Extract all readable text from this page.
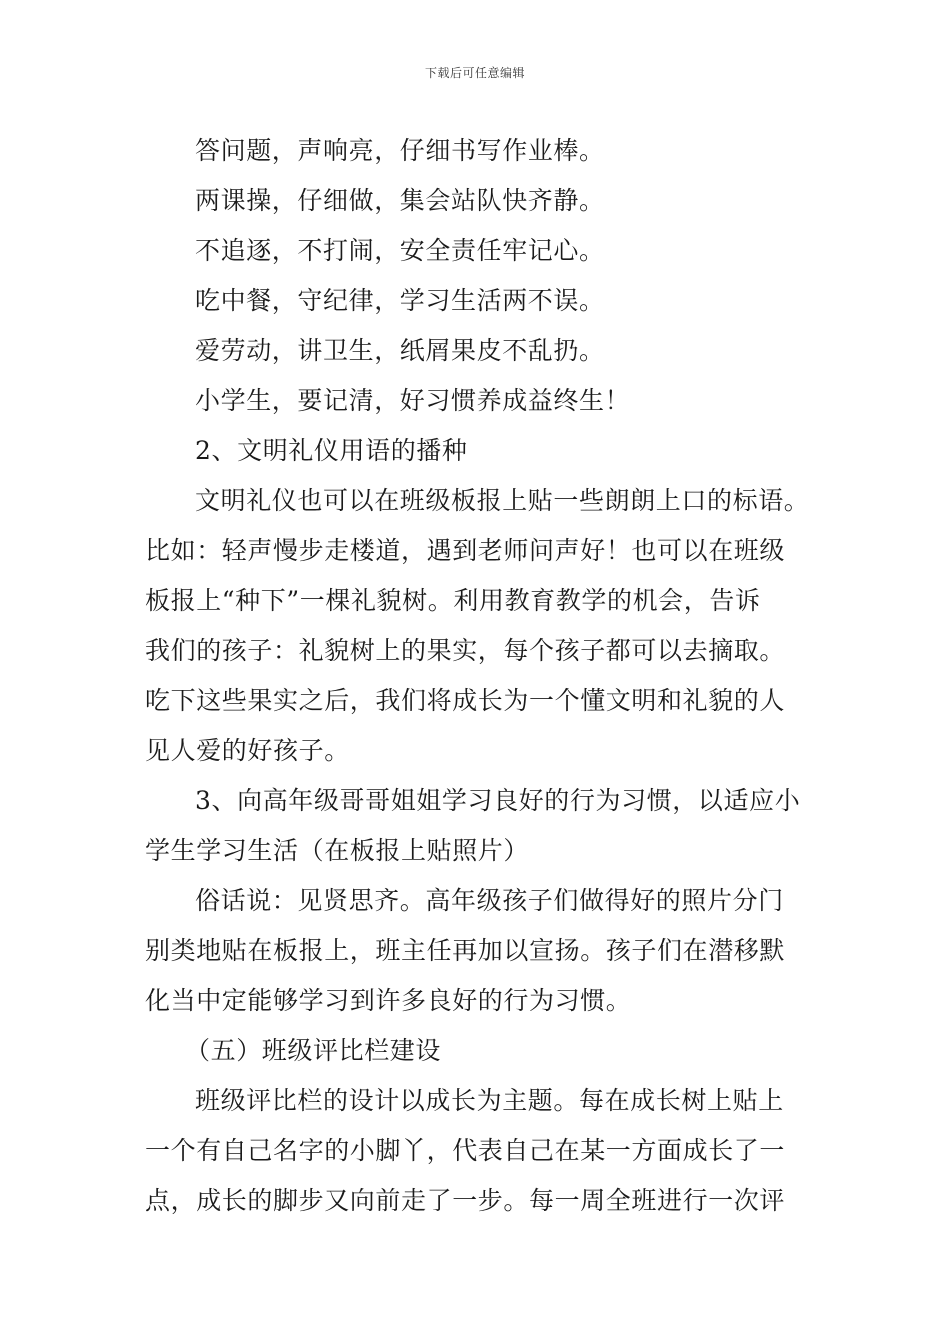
下载后可任意编辑
答问题，声响亮，仔细书写作业棒。
两课操，仔细做，集会站队快齐静。
不追逐，不打闹，安全责任牢记心。
吃中餐，守纪律，学习生活两不误。
爱劳动，讲卫生，纸屑果皮不乱扔。
小学生，要记清，好习惯养成益终生！
2、文明礼仪用语的播种
文明礼仪也可以在班级板报上贴一些朗朗上口的标语。
比如：轻声慢步走楼道，遇到老师问声好！也可以在班级
板报上“种下”一棵礼貌树。利用教育教学的机会，告诉
我们的孩子：礼貌树上的果实，每个孩子都可以去摘取。
吃下这些果实之后，我们将成长为一个懂文明和礼貌的人
见人爱的好孩子。
3、向高年级哥哥姐姐学习良好的行为习惯，以适应小
学生学习生活（在板报上贴照片）
俗话说：见贤思齐。高年级孩子们做得好的照片分门
别类地贴在板报上，班主任再加以宣扬。孩子们在潜移默
化当中定能够学习到许多良好的行为习惯。
（五）班级评比栏建设
班级评比栏的设计以成长为主题。每在成长树上贴上
一个有自己名字的小脚丫，代表自己在某一方面成长了一
点，成长的脚步又向前走了一步。每一周全班进行一次评
